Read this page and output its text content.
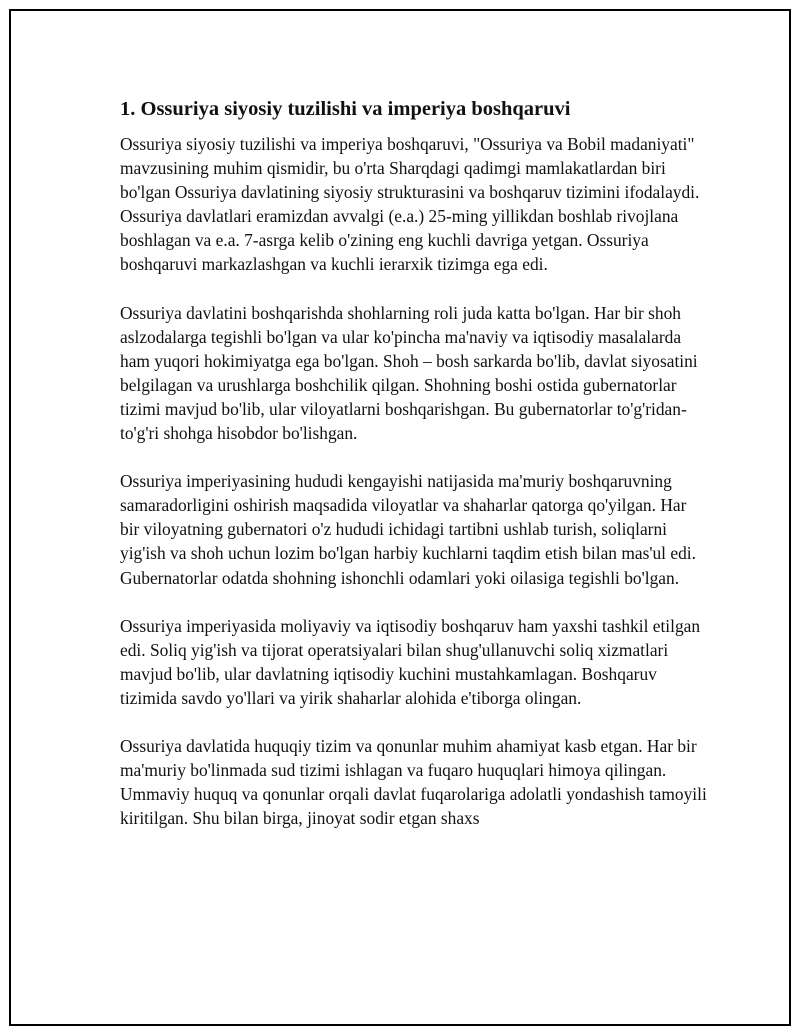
1. Ossuriya siyosiy tuzilishi va imperiya boshqaruvi

Ossuriya siyosiy tuzilishi va imperiya boshqaruvi, "Ossuriya va Bobil madaniyati" mavzusining muhim qismidir, bu o'rta Sharqdagi qadimgi mamlakatlardan biri bo'lgan Ossuriya davlatining siyosiy strukturasini va boshqaruv tizimini ifodalaydi. Ossuriya davlatlari eramizdan avvalgi (e.a.) 25-ming yillikdan boshlab rivojlana boshlagan va e.a. 7-asrga kelib o'zining eng kuchli davriga yetgan. Ossuriya boshqaruvi markazlashgan va kuchli ierarxik tizimga ega edi.

Ossuriya davlatini boshqarishda shohlarning roli juda katta bo'lgan. Har bir shoh aslzodalarga tegishli bo'lgan va ular ko'pincha ma'naviy va iqtisodiy masalalarda ham yuqori hokimiyatga ega bo'lgan. Shoh – bosh sarkarda bo'lib, davlat siyosatini belgilagan va urushlarga boshchilik qilgan. Shohning boshi ostida gubernatorlar tizimi mavjud bo'lib, ular viloyatlarni boshqarishgan. Bu gubernatorlar to'g'ridan-to'g'ri shohga hisobdor bo'lishgan.

Ossuriya imperiyasining hududi kengayishi natijasida ma'muriy boshqaruvning samaradorligini oshirish maqsadida viloyatlar va shaharlar qatorga qo'yilgan. Har bir viloyatning gubernatori o'z hududi ichidagi tartibni ushlab turish, soliqlarni yig'ish va shoh uchun lozim bo'lgan harbiy kuchlarni taqdim etish bilan mas'ul edi. Gubernatorlar odatda shohning ishonchli odamlari yoki oilasiga tegishli bo'lgan.

Ossuriya imperiyasida moliyaviy va iqtisodiy boshqaruv ham yaxshi tashkil etilgan edi. Soliq yig'ish va tijorat operatsiyalari bilan shug'ullanuvchi soliq xizmatlari mavjud bo'lib, ular davlatning iqtisodiy kuchini mustahkamlagan. Boshqaruv tizimida savdo yo'llari va yirik shaharlar alohida e'tiborga olingan.

Ossuriya davlatida huquqiy tizim va qonunlar muhim ahamiyat kasb etgan. Har bir ma'muriy bo'linmada sud tizimi ishlagan va fuqaro huquqlari himoya qilingan. Ummaviy huquq va qonunlar orqali davlat fuqarolariga adolatli yondashish tamoyili kiritilgan. Shu bilan birga, jinoyat sodir etgan shaxs
